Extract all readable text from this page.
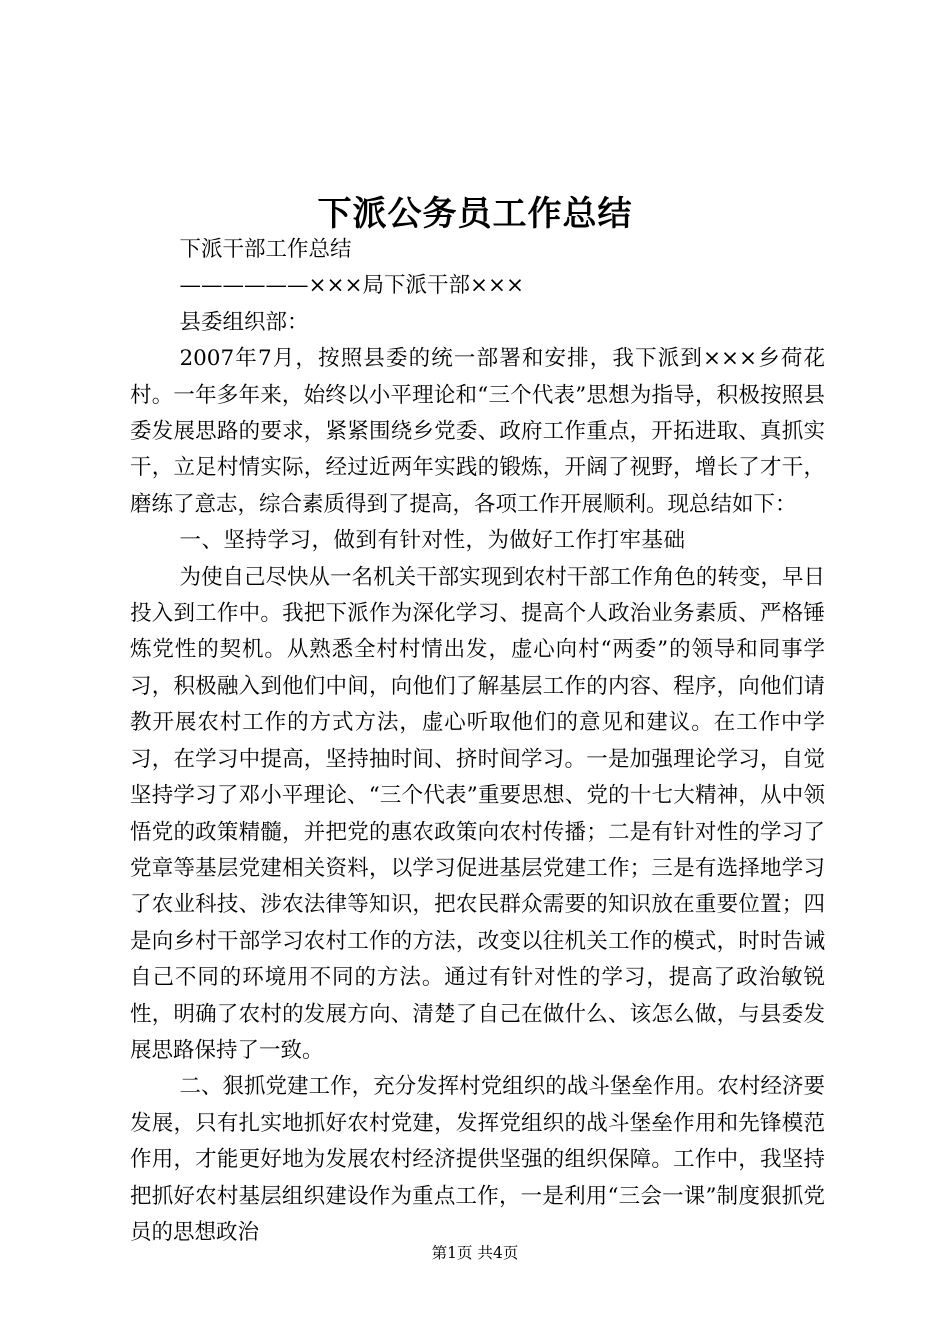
下派公务员工作总结

下派干部工作总结

——————×××局下派干部×××

县委组织部：

2007年7月，按照县委的统一部署和安排，我下派到×××乡荷花村。一年多年来，始终以小平理论和“三个代表”思想为指导，积极按照县委发展思路的要求，紧紧围绕乡党委、政府工作重点，开拓进取、真抓实干，立足村情实际，经过近两年实践的锻炼，开阔了视野，增长了才干，磨练了意志，综合素质得到了提高，各项工作开展顺利。现总结如下：

一、坚持学习，做到有针对性，为做好工作打牢基础

为使自己尽快从一名机关干部实现到农村干部工作角色的转变，早日投入到工作中。我把下派作为深化学习、提高个人政治业务素质、严格锤炼党性的契机。从熟悉全村村情出发，虚心向村“两委”的领导和同事学习，积极融入到他们中间，向他们了解基层工作的内容、程序，向他们请教开展农村工作的方式方法，虚心听取他们的意见和建议。在工作中学习，在学习中提高，坚持抽时间、挤时间学习。一是加强理论学习，自觉坚持学习了邓小平理论、“三个代表”重要思想、党的十七大精神，从中领悟党的政策精髓，并把党的惠农政策向农村传播；二是有针对性的学习了党章等基层党建相关资料，以学习促进基层党建工作；三是有选择地学习了农业科技、涉农法律等知识，把农民群众需要的知识放在重要位置；四是向乡村干部学习农村工作的方法，改变以往机关工作的模式，时时告诫自己不同的环境用不同的方法。通过有针对性的学习，提高了政治敏锐性，明确了农村的发展方向、清楚了自己在做什么、该怎么做，与县委发展思路保持了一致。

二、狠抓党建工作，充分发挥村党组织的战斗堡垒作用。农村经济要发展，只有扎实地抓好农村党建，发挥党组织的战斗堡垒作用和先锋模范作用，才能更好地为发展农村经济提供坚强的组织保障。工作中，我坚持把抓好农村基层组织建设作为重点工作，一是利用“三会一课”制度狠抓党员的思想政治

第1页 共4页
